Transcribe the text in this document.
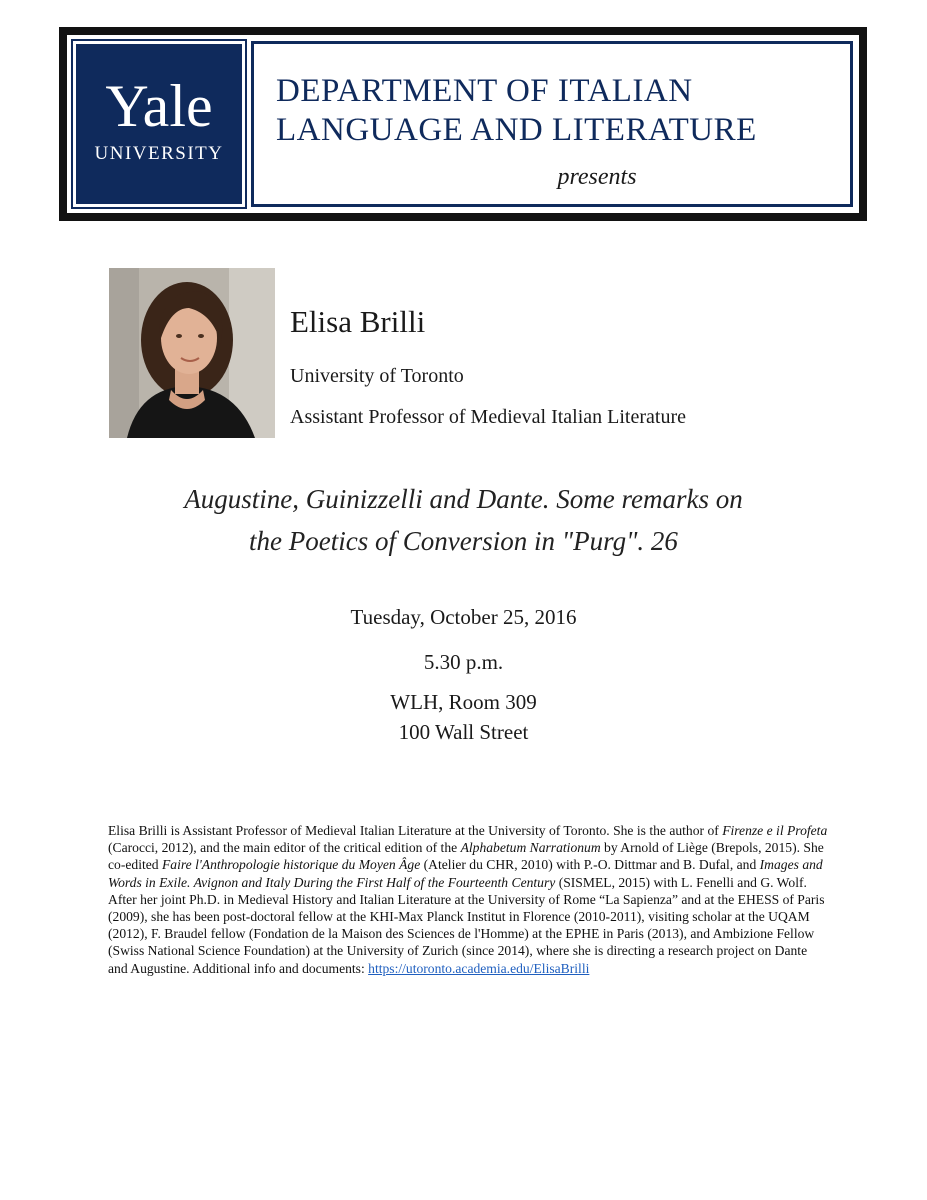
Yale
UNIVERSITY
DEPARTMENT OF ITALIAN
LANGUAGE AND LITERATURE
presents
Elisa Brilli
University of Toronto
Assistant Professor of Medieval Italian Literature
Augustine, Guinizzelli and Dante. Some remarks on
the Poetics of Conversion in "Purg". 26
Tuesday, October 25, 2016
5.30 p.m.
WLH, Room 309
100 Wall Street
Elisa Brilli is Assistant Professor of Medieval Italian Literature at the University of Toronto. She is the author of Firenze e il Profeta (Carocci, 2012), and the main editor of the critical edition of the Alphabetum Narrationum by Arnold of Liège (Brepols, 2015). She co-edited Faire l'Anthropologie historique du Moyen Âge (Atelier du CHR, 2010) with P.-O. Dittmar and B. Dufal, and Images and Words in Exile. Avignon and Italy During the First Half of the Fourteenth Century (SISMEL, 2015) with L. Fenelli and G. Wolf. After her joint Ph.D. in Medieval History and Italian Literature at the University of Rome “La Sapienza” and at the EHESS of Paris (2009), she has been post-doctoral fellow at the KHI-Max Planck Institut in Florence (2010-2011), visiting scholar at the UQAM (2012), F. Braudel fellow (Fondation de la Maison des Sciences de l'Homme) at the EPHE in Paris (2013), and Ambizione Fellow (Swiss National Science Foundation) at the University of Zurich (since 2014), where she is directing a research project on Dante and Augustine. Additional info and documents: https://utoronto.academia.edu/ElisaBrilli
